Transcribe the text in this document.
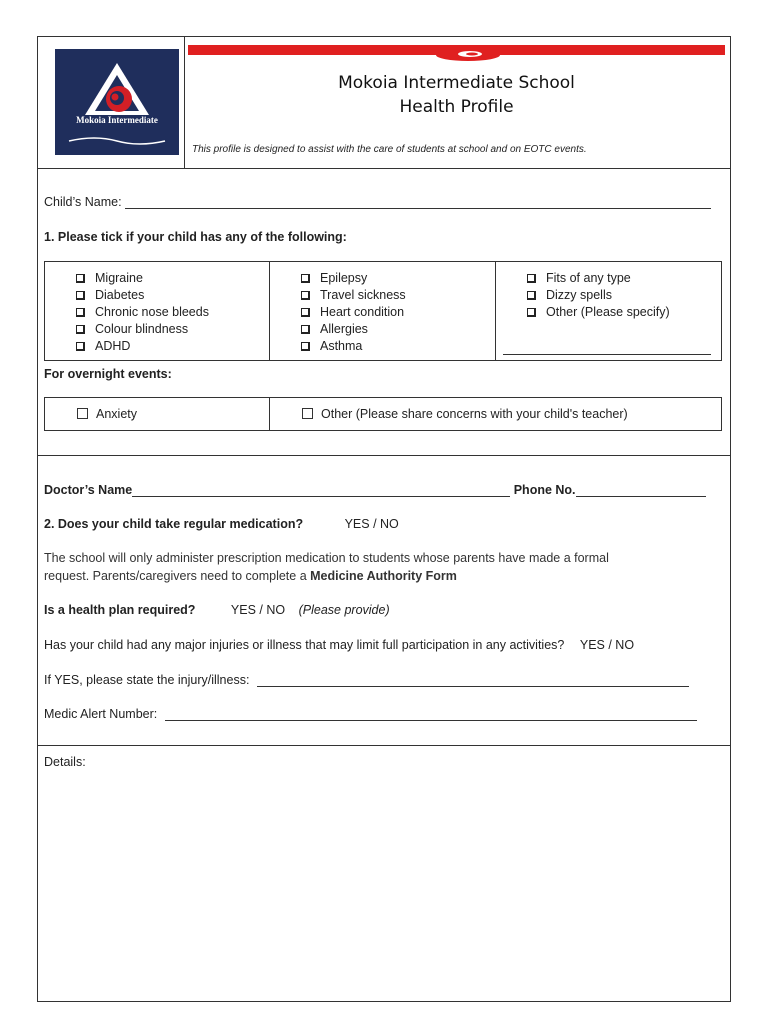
Mokoia Intermediate
Mokoia Intermediate School
Health Profile
This profile is designed to assist with the care of students at school and on EOTC events.
Child’s Name:
1. Please tick if your child has any of the following:
Migraine
Diabetes
Chronic nose bleeds
Colour blindness
ADHD
Epilepsy
Travel sickness
Heart condition
Allergies
Asthma
Fits of any type
Dizzy spells
Other (Please specify)
For overnight events:
Anxiety	Other (Please share concerns with your child's teacher)
Doctor’s Name	Phone No.
2. Does your child take regular medication?	YES / NO
The school will only administer prescription medication to students whose parents have made a formal
request. Parents/caregivers need to complete a Medicine Authority Form
Is a health plan required?	YES / NO (Please provide)
Has your child had any major injuries or illness that may limit full participation in any activities? YES / NO
If YES, please state the injury/illness:
Medic Alert Number:
Details:
